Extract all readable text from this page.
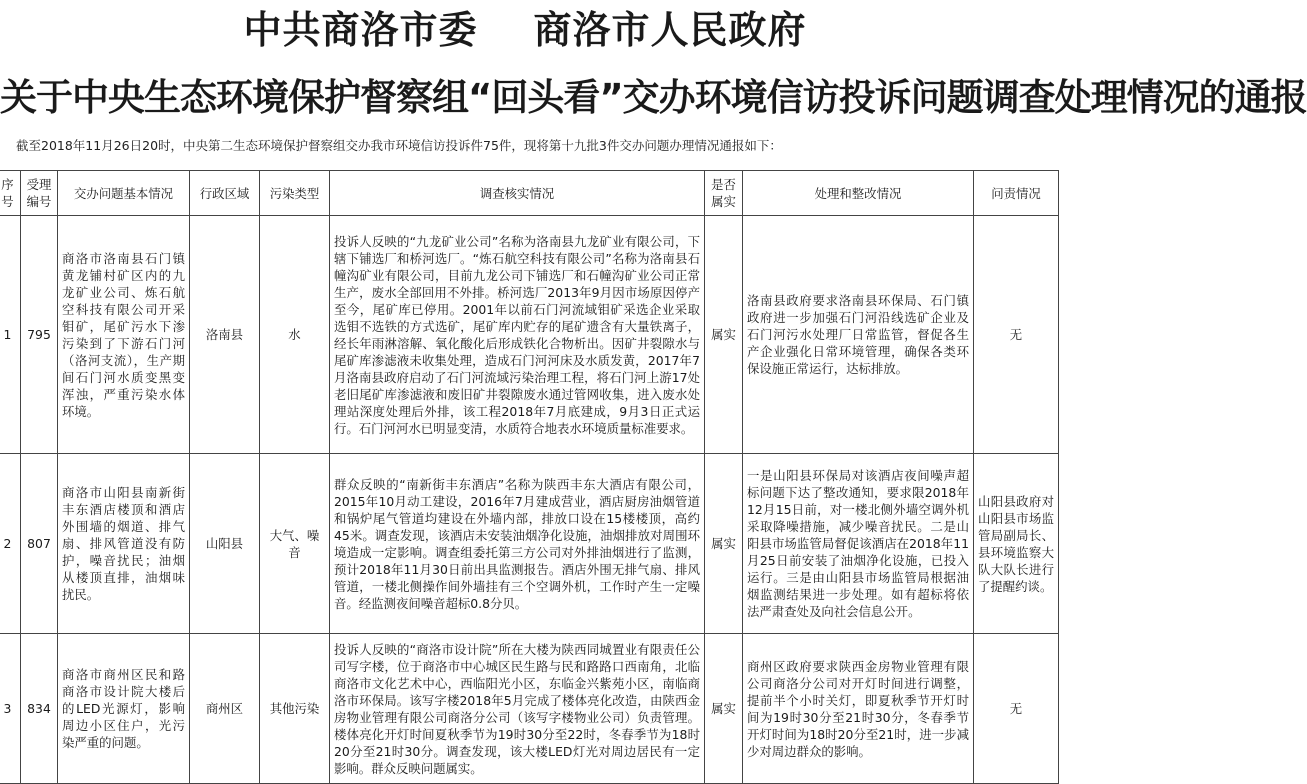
中共商洛市委 商洛市人民政府
关于中央生态环境保护督察组“回头看”交办环境信访投诉问题调查处理情况的通报
截至2018年11月26日20时，中央第二生态环境保护督察组交办我市环境信访投诉件75件，现将第十九批3件交办问题办理情况通报如下：
序号	受理编号	交办问题基本情况	行政区域	污染类型	调查核实情况	是否属实	处理和整改情况	问责情况
1	795	商洛市洛南县石门镇黄龙铺村矿区内的九龙矿业公司、炼石航空科技有限公司开采钼矿，尾矿污水下渗污染到了下游石门河（洛河支流），生产期间石门河水质变黑变浑浊，严重污染水体环境。	洛南县	水	投诉人反映的“九龙矿业公司”名称为洛南县九龙矿业有限公司，下辖下铺选厂和桥河选厂。“炼石航空科技有限公司”名称为洛南县石幢沟矿业有限公司，目前九龙公司下铺选厂和石幢沟矿业公司正常生产，废水全部回用不外排。桥河选厂2013年9月因市场原因停产至今，尾矿库已停用。2001年以前石门河流域钼矿采选企业采取选钼不选铁的方式选矿，尾矿库内贮存的尾矿遗含有大量铁离子，经长年雨淋溶解、氧化酸化后形成铁化合物析出。因矿井裂隙水与尾矿库渗滤液未收集处理，造成石门河河床及水质发黄，2017年7月洛南县政府启动了石门河流域污染治理工程，将石门河上游17处老旧尾矿库渗滤液和废旧矿井裂隙废水通过管网收集，进入废水处理站深度处理后外排，该工程2018年7月底建成，9月3日正式运行。石门河河水已明显变清，水质符合地表水环境质量标准要求。	属实	洛南县政府要求洛南县环保局、石门镇政府进一步加强石门河沿线选矿企业及石门河污水处理厂日常监管，督促各生产企业强化日常环境管理，确保各类环保设施正常运行，达标排放。	无
2	807	商洛市山阳县南新街丰东酒店楼顶和酒店外围墙的烟道、排气扇、排风管道没有防护，噪音扰民；油烟从楼顶直排，油烟味扰民。	山阳县	大气、噪音	群众反映的“南新街丰东酒店”名称为陕西丰东大酒店有限公司，2015年10月动工建设，2016年7月建成营业，酒店厨房油烟管道和锅炉尾气管道均建设在外墙内部，排放口设在15楼楼顶，高约45米。调查发现，该酒店未安装油烟净化设施，油烟排放对周围环境造成一定影响。调查组委托第三方公司对外排油烟进行了监测，预计2018年11月30日前出具监测报告。酒店外围无排气扇、排风管道，一楼北侧操作间外墙挂有三个空调外机，工作时产生一定噪音。经监测夜间噪音超标0.8分贝。	属实	一是山阳县环保局对该酒店夜间噪声超标问题下达了整改通知，要求限2018年12月15日前，对一楼北侧外墙空调外机采取降噪措施，减少噪音扰民。二是山阳县市场监管局督促该酒店在2018年11月25日前安装了油烟净化设施，已投入运行。三是由山阳县市场监管局根据油烟监测结果进一步处理。如有超标将依法严肃查处及向社会信息公开。	山阳县政府对山阳县市场监管局副局长、县环境监察大队大队长进行了提醒约谈。
3	834	商洛市商州区民和路商洛市设计院大楼后的LED光源灯，影响周边小区住户，光污染严重的问题。	商州区	其他污染	投诉人反映的“商洛市设计院”所在大楼为陕西同城置业有限责任公司写字楼，位于商洛市中心城区民生路与民和路路口西南角，北临商洛市文化艺术中心，西临阳光小区，东临金兴紫苑小区，南临商洛市环保局。该写字楼2018年5月完成了楼体亮化改造，由陕西金房物业管理有限公司商洛分公司（该写字楼物业公司）负责管理。楼体亮化开灯时间夏秋季节为19时30分至22时，冬春季节为18时20分至21时30分。调查发现，该大楼LED灯光对周边居民有一定影响。群众反映问题属实。	属实	商州区政府要求陕西金房物业管理有限公司商洛分公司对开灯时间进行调整，提前半个小时关灯，即夏秋季节开灯时间为19时30分至21时30分，冬春季节开灯时间为18时20分至21时，进一步减少对周边群众的影响。	无
